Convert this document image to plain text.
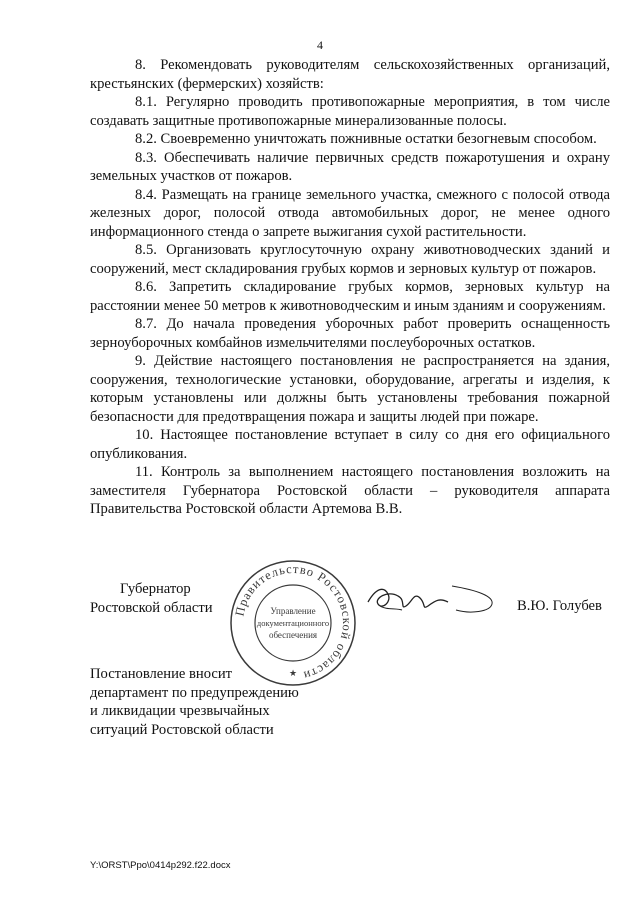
4

8. Рекомендовать руководителям сельскохозяйственных организаций, крестьянских (фермерских) хозяйств:

8.1. Регулярно проводить противопожарные мероприятия, в том числе создавать защитные противопожарные минерализованные полосы.

8.2. Своевременно уничтожать пожнивные остатки безогневым способом.

8.3. Обеспечивать наличие первичных средств пожаротушения и охрану земельных участков от пожаров.

8.4. Размещать на границе земельного участка, смежного с полосой отвода железных дорог, полосой отвода автомобильных дорог, не менее одного информационного стенда о запрете выжигания сухой растительности.

8.5. Организовать круглосуточную охрану животноводческих зданий и сооружений, мест складирования грубых кормов и зерновых культур от пожаров.

8.6. Запретить складирование грубых кормов, зерновых культур на расстоянии менее 50 метров к животноводческим и иным зданиям и сооружениям.

8.7. До начала проведения уборочных работ проверить оснащенность зерноуборочных комбайнов измельчителями послеуборочных остатков.

9. Действие настоящего постановления не распространяется на здания, сооружения, технологические установки, оборудование, агрегаты и изделия, к которым установлены или должны быть установлены требования пожарной безопасности для предотвращения пожара и защиты людей при пожаре.

10. Настоящее постановление вступает в силу со дня его официального опубликования.

11. Контроль за выполнением настоящего постановления возложить на заместителя Губернатора Ростовской области – руководителя аппарата Правительства Ростовской области Артемова В.В.

Губернатор
Ростовской области Правительство Ростовской области
Управление
документационного
обеспечения
★
В.Ю. Голубев
Постановление вносит
департамент по предупреждению
и ликвидации чрезвычайных
ситуаций Ростовской области
Y:\ORST\Ppo\0414p292.f22.docx
